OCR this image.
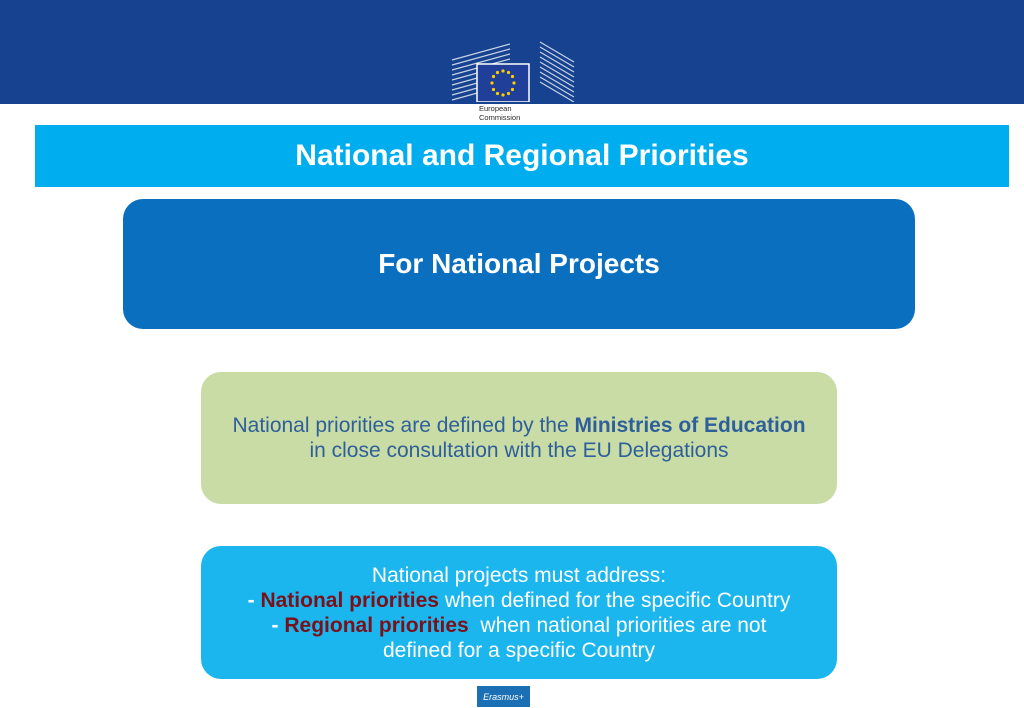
European
Commission
National and Regional Priorities
For National Projects

National priorities are defined by the Ministries of Education in close consultation with the EU Delegations

National projects must address:
- National priorities when defined for the specific Country
- Regional priorities  when national priorities are not
defined for a specific Country
Erasmus+
